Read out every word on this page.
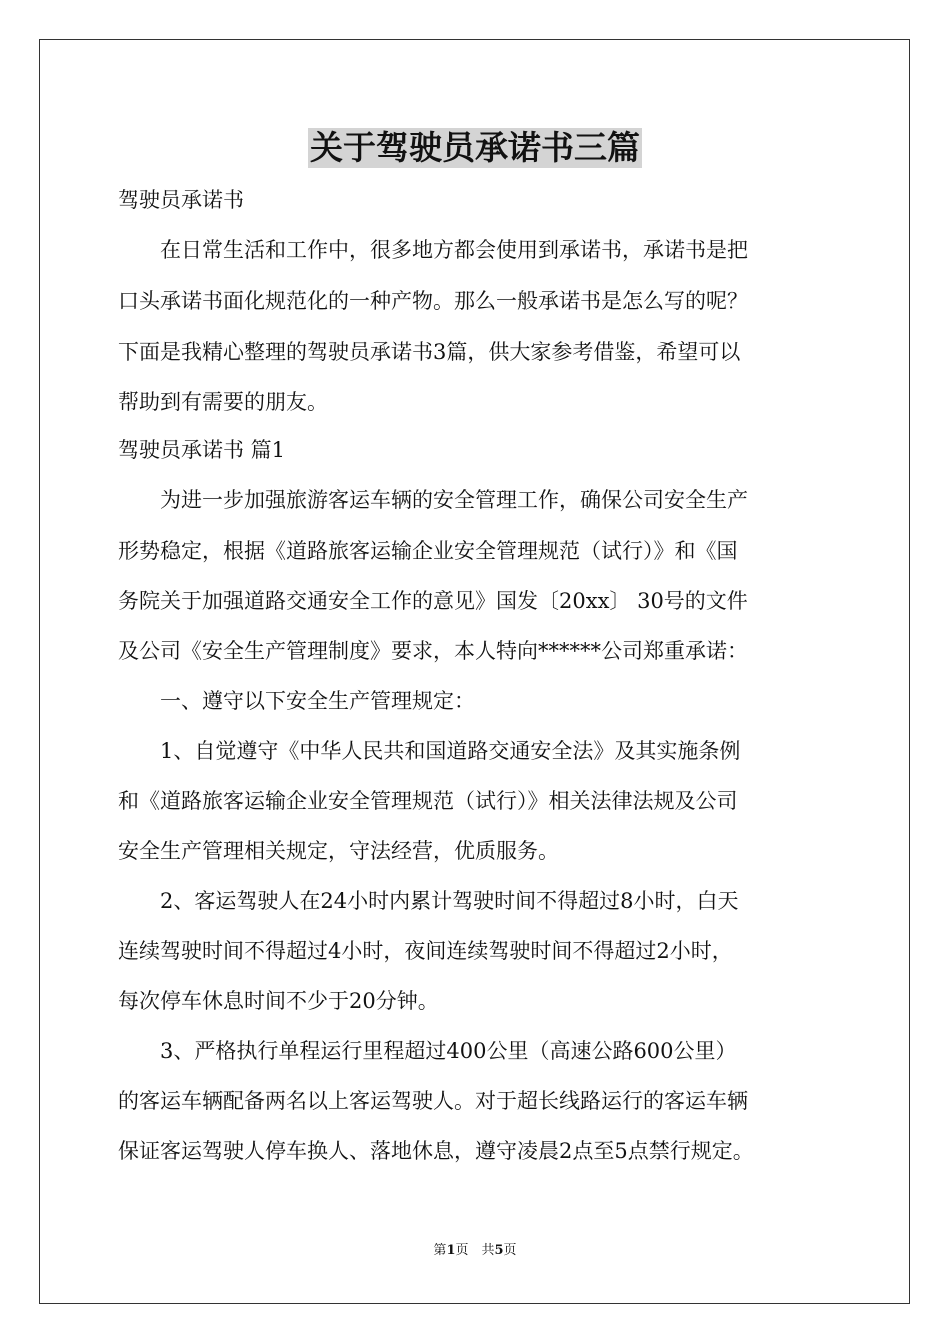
关于驾驶员承诺书三篇
驾驶员承诺书
在日常生活和工作中，很多地方都会使用到承诺书，承诺书是把
口头承诺书面化规范化的一种产物。那么一般承诺书是怎么写的呢？
下面是我精心整理的驾驶员承诺书3篇，供大家参考借鉴，希望可以
帮助到有需要的朋友。
驾驶员承诺书 篇1
为进一步加强旅游客运车辆的安全管理工作，确保公司安全生产
形势稳定，根据《道路旅客运输企业安全管理规范（试行）》和《国
务院关于加强道路交通安全工作的意见》国发〔20xx〕 30号的文件
及公司《安全生产管理制度》要求，本人特向******公司郑重承诺：
一、遵守以下安全生产管理规定：
1、自觉遵守《中华人民共和国道路交通安全法》及其实施条例
和《道路旅客运输企业安全管理规范（试行）》相关法律法规及公司
安全生产管理相关规定，守法经营，优质服务。
2、客运驾驶人在24小时内累计驾驶时间不得超过8小时，白天
连续驾驶时间不得超过4小时，夜间连续驾驶时间不得超过2小时，
每次停车休息时间不少于20分钟。
3、严格执行单程运行里程超过400公里（高速公路600公里）
的客运车辆配备两名以上客运驾驶人。对于超长线路运行的客运车辆
保证客运驾驶人停车换人、落地休息，遵守凌晨2点至5点禁行规定。
第1页　共5页
